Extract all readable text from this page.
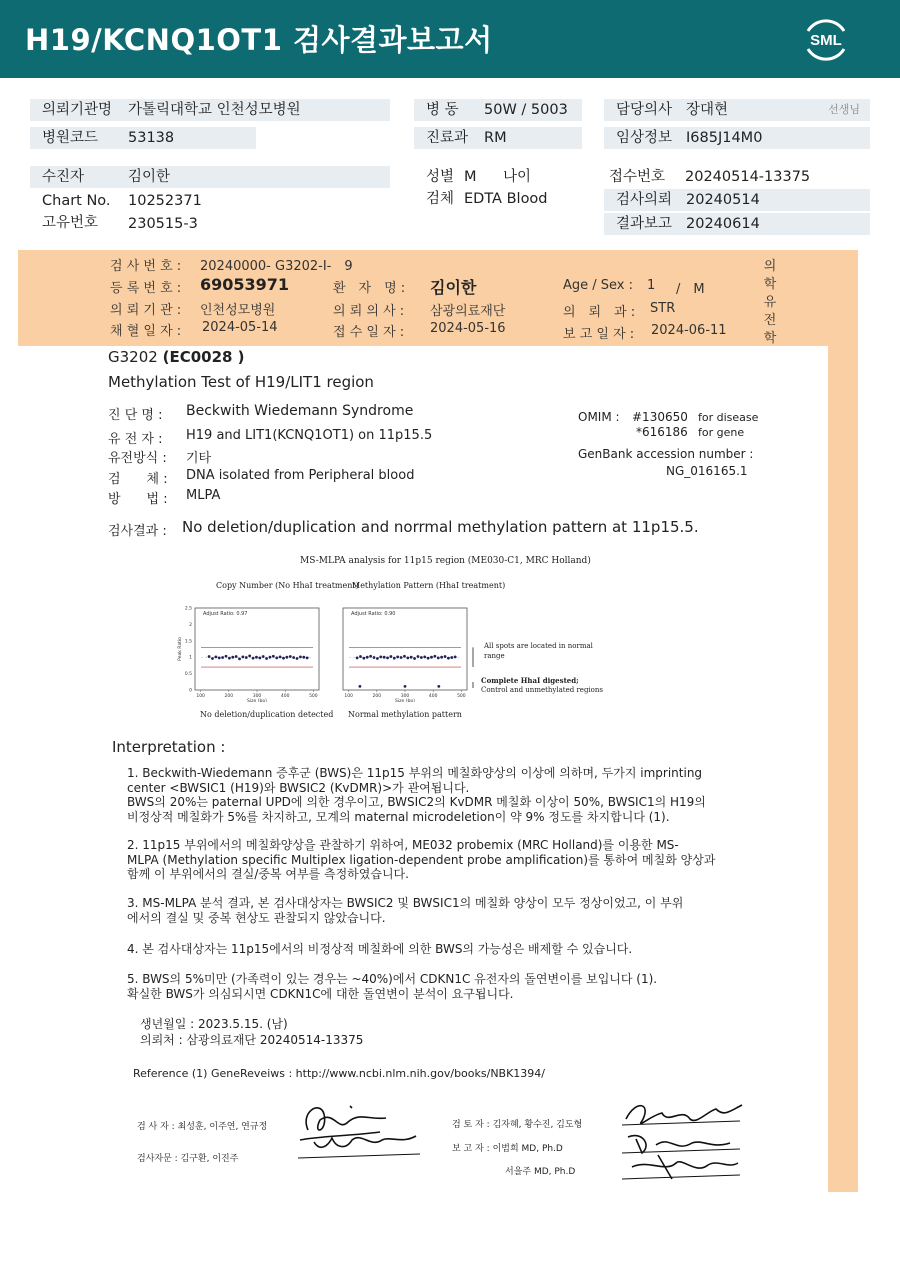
H19/KCNQ1OT1 검사결과보고서	SML
의뢰기관명 가톨릭대학교 인천성모병원	병 동 50W / 5003	담당의사 장대현	선생님
병원코드 53138	진료과 RM	임상정보 I685J14M0
수진자	김이한	성별 M 나이	접수번호 20240514-13375
Chart No. 10252371	검체 EDTA Blood	검사의뢰 20240514
고유번호 230515-3	결과보고 20240614
검 사 번 호 : 20240000- G3202-I-　9
등 록 번 호 : 69053971	환　자　명 : 김이한	Age / Sex : 1 /　M
의 뢰 기 관 : 인천성모병원	의 뢰 의 사 : 삼광의료재단	의　뢰　과 : STR
채 혈 일 자 : 2024-05-14	접 수 일 자 : 2024-05-16	보 고 일 자 : 2024-06-11
의학유전학
G3202 (EC0028 )
Methylation Test of H19/LIT1 region
진 단 명 : Beckwith Wiedemann Syndrome
유 전 자 : H19 and LIT1(KCNQ1OT1) on 11p15.5
유전방식 : 기타
검　　체 : DNA isolated from Peripheral blood
방　　법 : MLPA
OMIM : #130650 for disease
*616186 for gene
GenBank accession number :
NG_016165.1
검사결과 : No deletion/duplication and norrmal methylation pattern at 11p15.5.
MS-MLPA analysis for 11p15 region (ME030-C1, MRC Holland)
Copy Number (No HhaI treatment)
Methylation Pattern (HhaI treatment)
Adjust Ratio: 0.97
100	200	300	400	500
Size (bp)
2.5
2
1.5
1
0.5
0
Peak Ratio
Adjust Ratio: 0.90
100	200	300	400	500
Size (bp)
All spots are located in normal
range
Complete HhaI digested;
Control and unmethylated regions
No deletion/duplication detected Normal methylation pattern
Interpretation :
1. Beckwith-Wiedemann 증후군 (BWS)은 11p15 부위의 메칠화양상의 이상에 의하며, 두가지 imprinting
center <BWSIC1 (H19)와 BWSIC2 (KvDMR)>가 관여됩니다.
BWS의 20%는 paternal UPD에 의한 경우이고, BWSIC2의 KvDMR 메칠화 이상이 50%, BWSIC1의 H19의
비정상적 메칠화가 5%를 차지하고, 모계의 maternal microdeletion이 약 9% 정도를 차지합니다 (1).
2. 11p15 부위에서의 메칠화양상을 관찰하기 위하여, ME032 probemix (MRC Holland)를 이용한 MS-
MLPA (Methylation specific Multiplex ligation-dependent probe amplification)를 통하여 메칠화 양상과
함께 이 부위에서의 결실/중복 여부를 측정하였습니다.
3. MS-MLPA 분석 결과, 본 검사대상자는 BWSIC2 및 BWSIC1의 메칠화 양상이 모두 정상이었고, 이 부위
에서의 결실 및 중복 현상도 관찰되지 않았습니다.
4. 본 검사대상자는 11p15에서의 비정상적 메칠화에 의한 BWS의 가능성은 배제할 수 있습니다.
5. BWS의 5%미만 (가족력이 있는 경우는 ~40%)에서 CDKN1C 유전자의 돌연변이를 보입니다 (1).
확실한 BWS가 의심되시면 CDKN1C에 대한 돌연변이 분석이 요구됩니다.
생년월일 : 2023.5.15. (남)
의뢰처 : 삼광의료재단 20240514-13375
Reference (1) GeneReveiws : http://www.ncbi.nlm.nih.gov/books/NBK1394/
검 사 자 : 최성훈, 이주연, 연규정
검사자문 : 김구환, 이진주
검 토 자 : 김자혜, 황수진, 김도형
보 고 자 : 이범희 MD, Ph.D
서을주 MD, Ph.D
